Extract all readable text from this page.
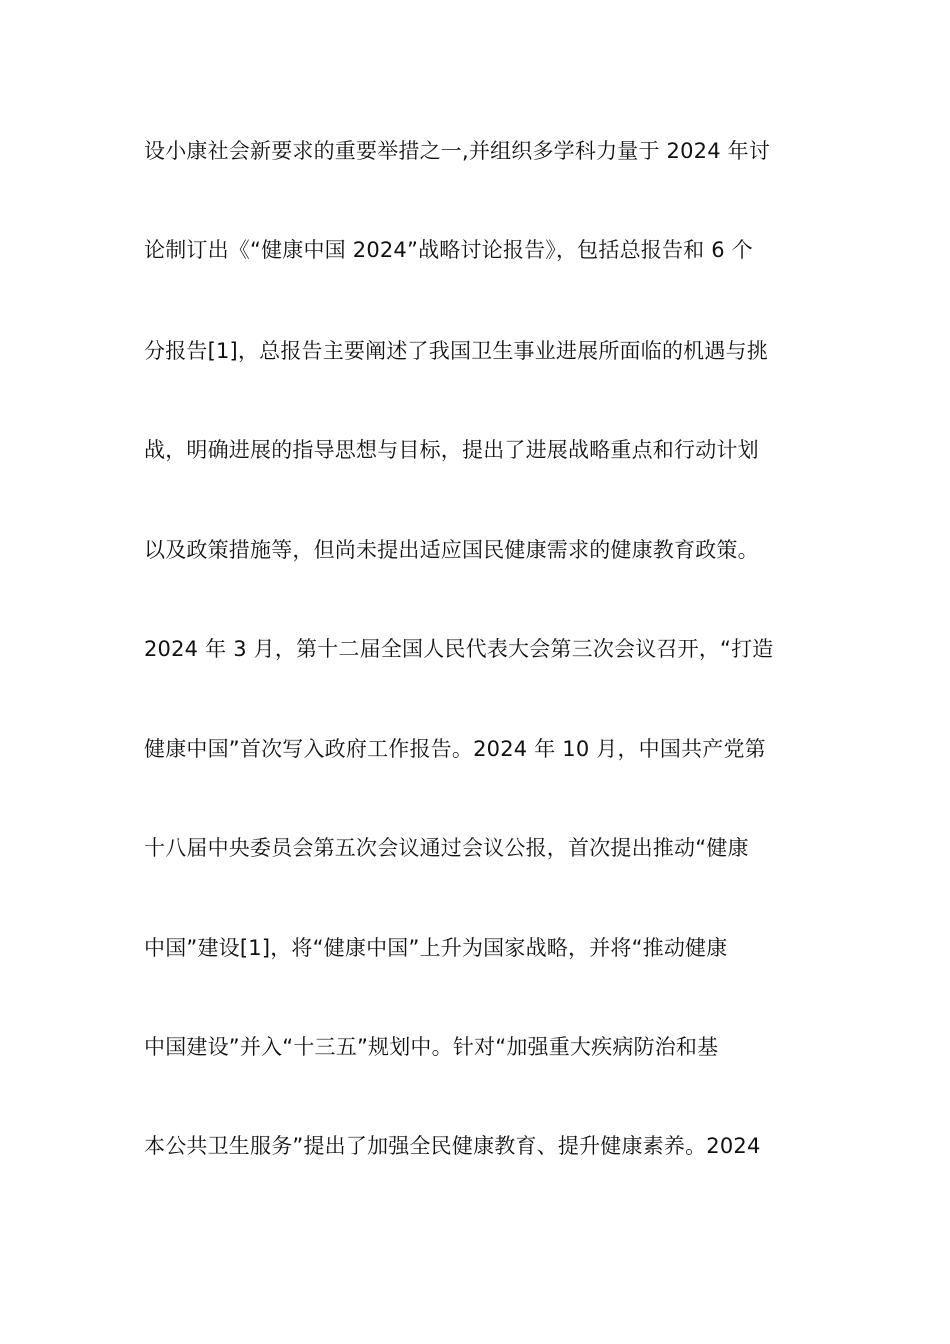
设小康社会新要求的重要举措之一,并组织多学科力量于 2024 年讨
论制订出《“健康中国 2024”战略讨论报告》，包括总报告和 6 个
分报告[1]，总报告主要阐述了我国卫生事业进展所面临的机遇与挑
战，明确进展的指导思想与目标，提出了进展战略重点和行动计划
以及政策措施等，但尚未提出适应国民健康需求的健康教育政策。
2024 年 3 月，第十二届全国人民代表大会第三次会议召开，“打造
健康中国”首次写入政府工作报告。2024 年 10 月，中国共产党第
十八届中央委员会第五次会议通过会议公报，首次提出推动“健康
中国”建设[1]，将“健康中国”上升为国家战略，并将“推动健康
中国建设”并入“十三五”规划中。针对“加强重大疾病防治和基
本公共卫生服务”提出了加强全民健康教育、提升健康素养。2024
